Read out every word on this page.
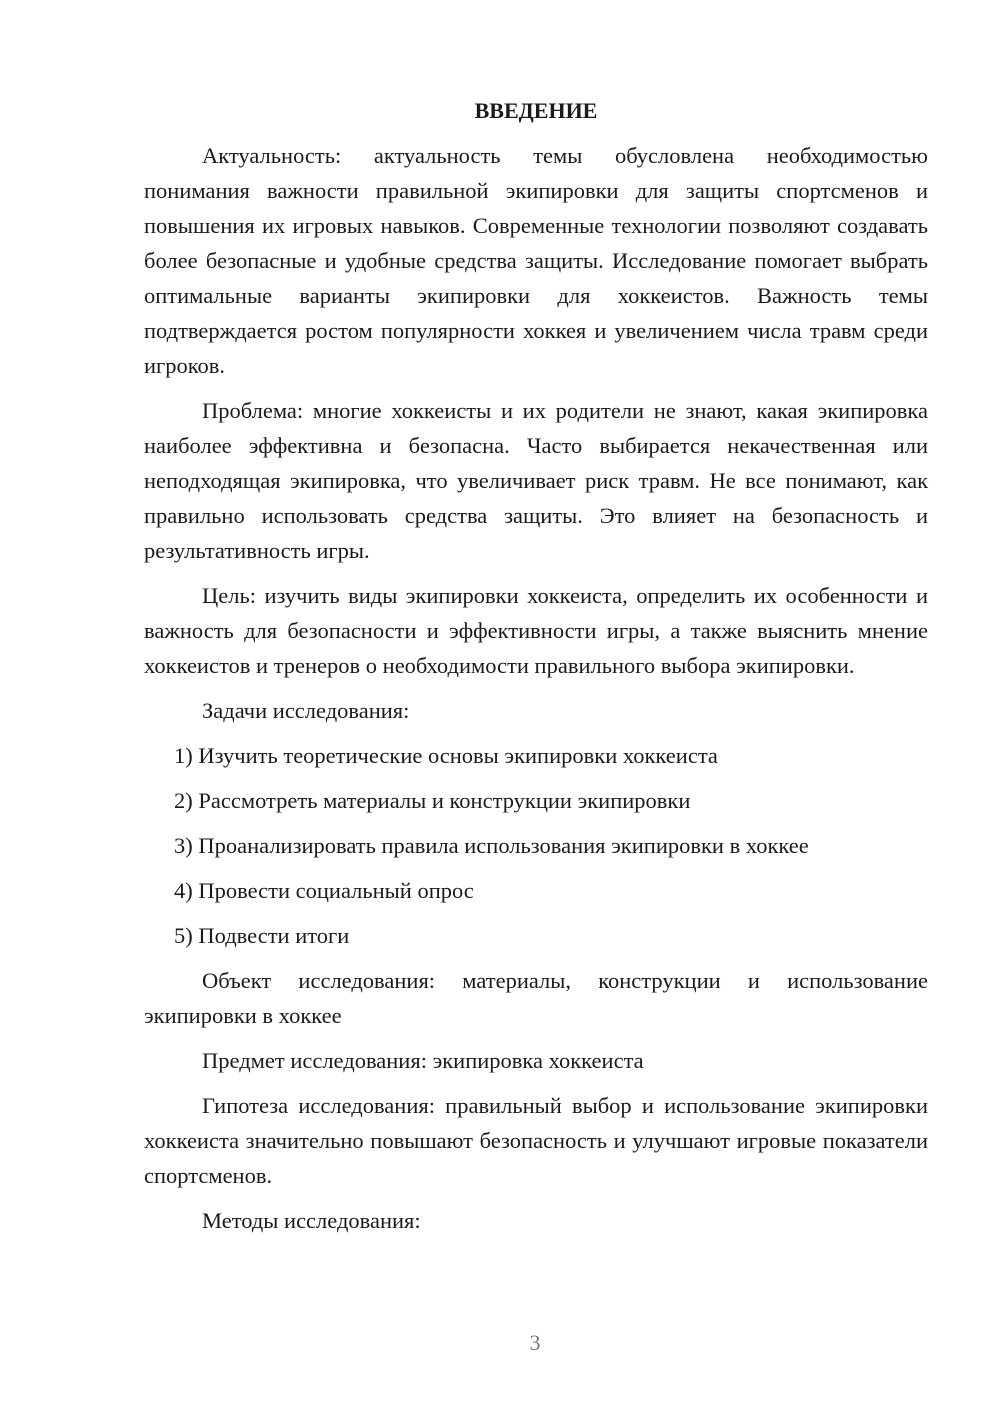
ВВЕДЕНИЕ

Актуальность: актуальность темы обусловлена необходимостью понимания важности правильной экипировки для защиты спортсменов и повышения их игровых навыков. Современные технологии позволяют создавать более безопасные и удобные средства защиты. Исследование помогает выбрать оптимальные варианты экипировки для хоккеистов. Важность темы подтверждается ростом популярности хоккея и увеличением числа травм среди игроков.

Проблема: многие хоккеисты и их родители не знают, какая экипировка наиболее эффективна и безопасна. Часто выбирается некачественная или неподходящая экипировка, что увеличивает риск травм. Не все понимают, как правильно использовать средства защиты. Это влияет на безопасность и результативность игры.

Цель: изучить виды экипировки хоккеиста, определить их особенности и важность для безопасности и эффективности игры, а также выяснить мнение хоккеистов и тренеров о необходимости правильного выбора экипировки.

Задачи исследования:

1) Изучить теоретические основы экипировки хоккеиста

2) Рассмотреть материалы и конструкции экипировки

3) Проанализировать правила использования экипировки в хоккее

4) Провести социальный опрос

5) Подвести итоги

Объект исследования: материалы, конструкции и использование экипировки в хоккее

Предмет исследования: экипировка хоккеиста

Гипотеза исследования: правильный выбор и использование экипировки хоккеиста значительно повышают безопасность и улучшают игровые показатели спортсменов.

Методы исследования:

3
